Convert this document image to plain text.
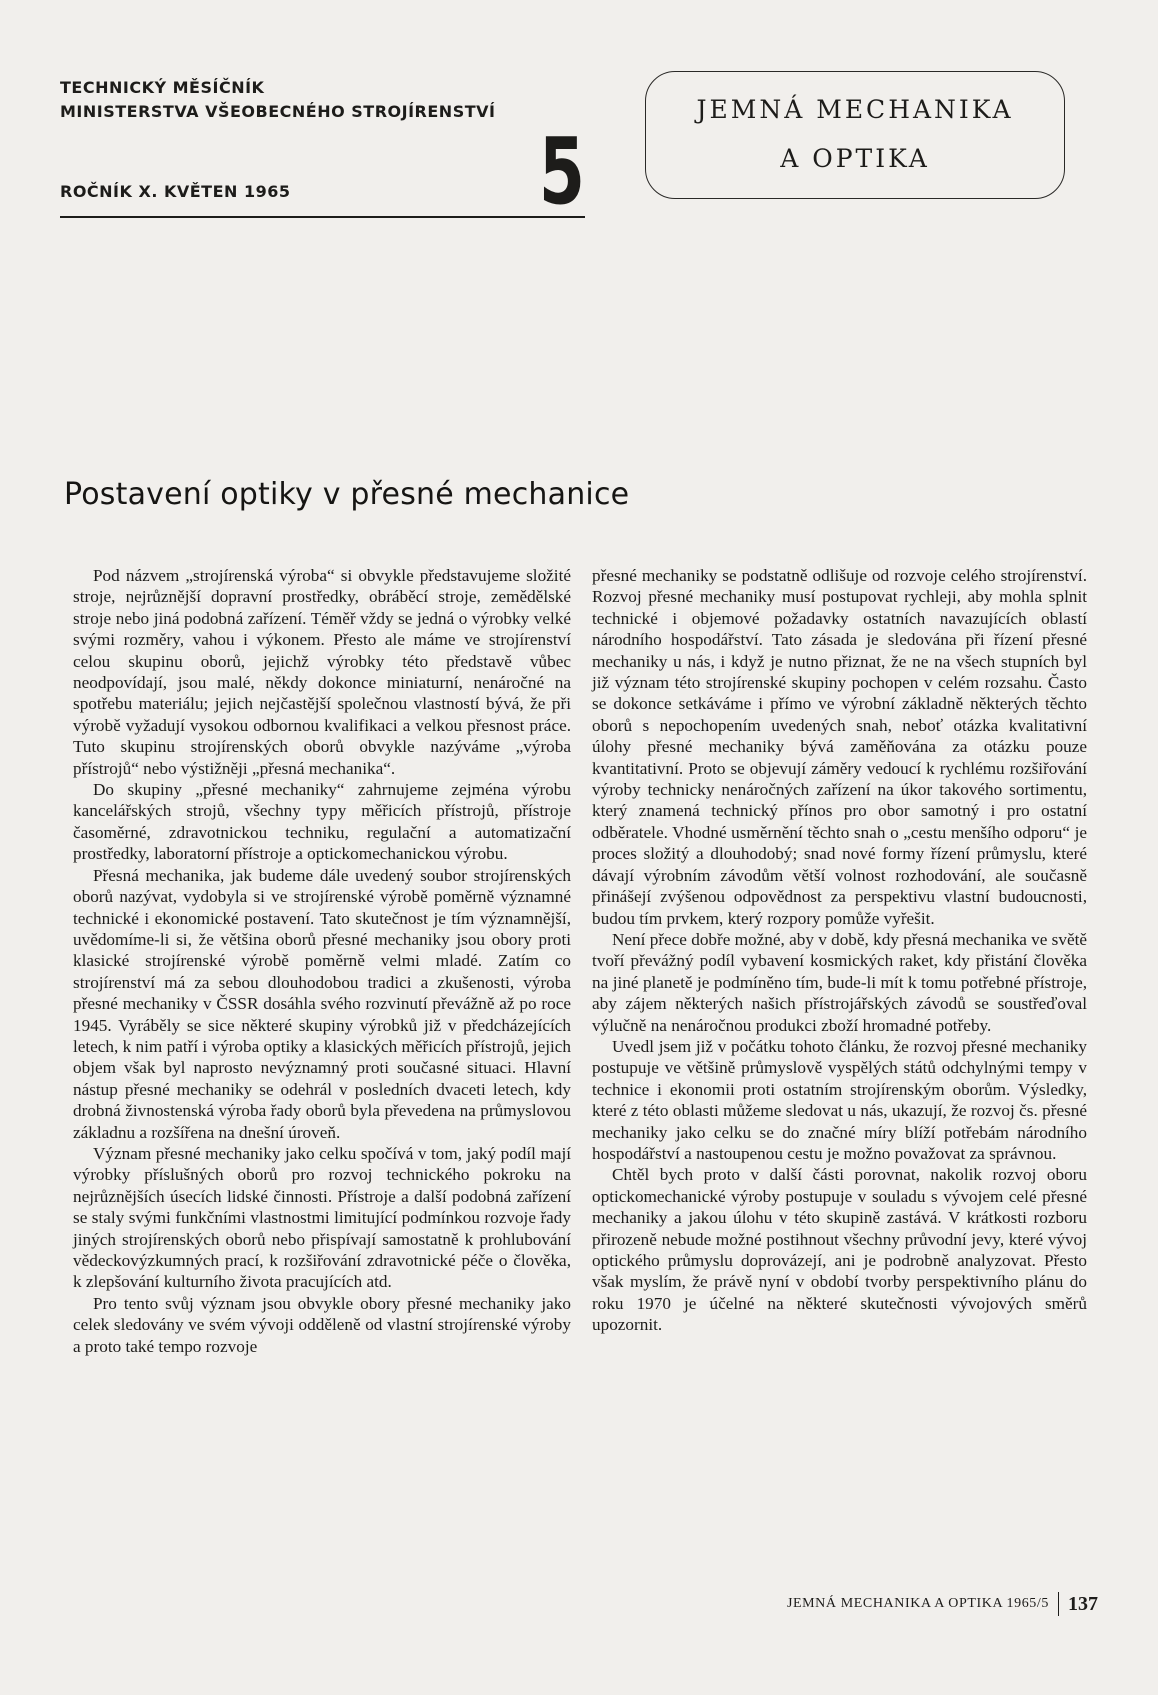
TECHNICKÝ MĚSÍČNÍK
MINISTERSTVA VŠEOBECNÉHO STROJÍRENSTVÍ
ROČNÍK X. KVĚTEN 1965	5
JEMNÁ MECHANIKA
A OPTIKA
Postavení optiky v přesné mechanice

Pod názvem „strojírenská výroba“ si obvykle představujeme složité stroje, nejrůznější dopravní prostředky, obráběcí stroje, zemědělské stroje nebo jiná podobná zařízení. Téměř vždy se jedná o výrobky velké svými rozměry, vahou i výkonem. Přesto ale máme ve strojírenství celou skupinu oborů, jejichž výrobky této představě vůbec neodpovídají, jsou malé, někdy dokonce miniaturní, nenáročné na spotřebu materiálu; jejich nejčastější společnou vlastností bývá, že při výrobě vyžadují vysokou odbornou kvalifikaci a velkou přesnost práce. Tuto skupinu strojírenských oborů obvykle nazýváme „výroba přístrojů“ nebo výstižněji „přesná mechanika“.

Do skupiny „přesné mechaniky“ zahrnujeme zejména výrobu kancelářských strojů, všechny typy měřicích přístrojů, přístroje časoměrné, zdravotnickou techniku, regulační a automatizační prostředky, laboratorní přístroje a optickomechanickou výrobu.

Přesná mechanika, jak budeme dále uvedený soubor strojírenských oborů nazývat, vydobyla si ve strojírenské výrobě poměrně významné technické i ekonomické postavení. Tato skutečnost je tím významnější, uvědomíme-li si, že většina oborů přesné mechaniky jsou obory proti klasické strojírenské výrobě poměrně velmi mladé. Zatím co strojírenství má za sebou dlouhodobou tradici a zkušenosti, výroba přesné mechaniky v ČSSR dosáhla svého rozvinutí převážně až po roce 1945. Vyráběly se sice některé skupiny výrobků již v předcházejících letech, k nim patří i výroba optiky a klasických měřicích přístrojů, jejich objem však byl naprosto nevýznamný proti současné situaci. Hlavní nástup přesné mechaniky se odehrál v posledních dvaceti letech, kdy drobná živnostenská výroba řady oborů byla převedena na průmyslovou základnu a rozšířena na dnešní úroveň.

Význam přesné mechaniky jako celku spočívá v tom, jaký podíl mají výrobky příslušných oborů pro rozvoj technického pokroku na nejrůznějších úsecích lidské činnosti. Přístroje a další podobná zařízení se staly svými funkčními vlastnostmi limitující podmínkou rozvoje řady jiných strojírenských oborů nebo přispívají samostatně k prohlubování vědeckovýzkumných prací, k rozšiřování zdravotnické péče o člověka, k zlepšování kulturního života pracujících atd.

Pro tento svůj význam jsou obvykle obory přesné mechaniky jako celek sledovány ve svém vývoji odděleně od vlastní strojírenské výroby a proto také tempo rozvoje

přesné mechaniky se podstatně odlišuje od rozvoje celého strojírenství. Rozvoj přesné mechaniky musí postupovat rychleji, aby mohla splnit technické i objemové požadavky ostatních navazujících oblastí národního hospodářství. Tato zásada je sledována při řízení přesné mechaniky u nás, i když je nutno přiznat, že ne na všech stupních byl již význam této strojírenské skupiny pochopen v celém rozsahu. Často se dokonce setkáváme i přímo ve výrobní základně některých těchto oborů s nepochopením uvedených snah, neboť otázka kvalitativní úlohy přesné mechaniky bývá zaměňována za otázku pouze kvantitativní. Proto se objevují záměry vedoucí k rychlému rozšiřování výroby technicky nenáročných zařízení na úkor takového sortimentu, který znamená technický přínos pro obor samotný i pro ostatní odběratele. Vhodné usměrnění těchto snah o „cestu menšího odporu“ je proces složitý a dlouhodobý; snad nové formy řízení průmyslu, které dávají výrobním závodům větší volnost rozhodování, ale současně přinášejí zvýšenou odpovědnost za perspektivu vlastní budoucnosti, budou tím prvkem, který rozpory pomůže vyřešit.

Není přece dobře možné, aby v době, kdy přesná mechanika ve světě tvoří převážný podíl vybavení kosmických raket, kdy přistání člověka na jiné planetě je podmíněno tím, bude-li mít k tomu potřebné přístroje, aby zájem některých našich přístrojářských závodů se soustřeďoval výlučně na nenáročnou produkci zboží hromadné potřeby.

Uvedl jsem již v počátku tohoto článku, že rozvoj přesné mechaniky postupuje ve většině průmyslově vyspělých států odchylnými tempy v technice i ekonomii proti ostatním strojírenským oborům. Výsledky, které z této oblasti můžeme sledovat u nás, ukazují, že rozvoj čs. přesné mechaniky jako celku se do značné míry blíží potřebám národního hospodářství a nastoupenou cestu je možno považovat za správnou.

Chtěl bych proto v další části porovnat, nakolik rozvoj oboru optickomechanické výroby postupuje v souladu s vývojem celé přesné mechaniky a jakou úlohu v této skupině zastává. V krátkosti rozboru přirozeně nebude možné postihnout všechny průvodní jevy, které vývoj optického průmyslu doprovázejí, ani je podrobně analyzovat. Přesto však myslím, že právě nyní v období tvorby perspektivního plánu do roku 1970 je účelné na některé skutečnosti vývojových směrů upozornit.

JEMNÁ MECHANIKA A OPTIKA 1965/5 137
